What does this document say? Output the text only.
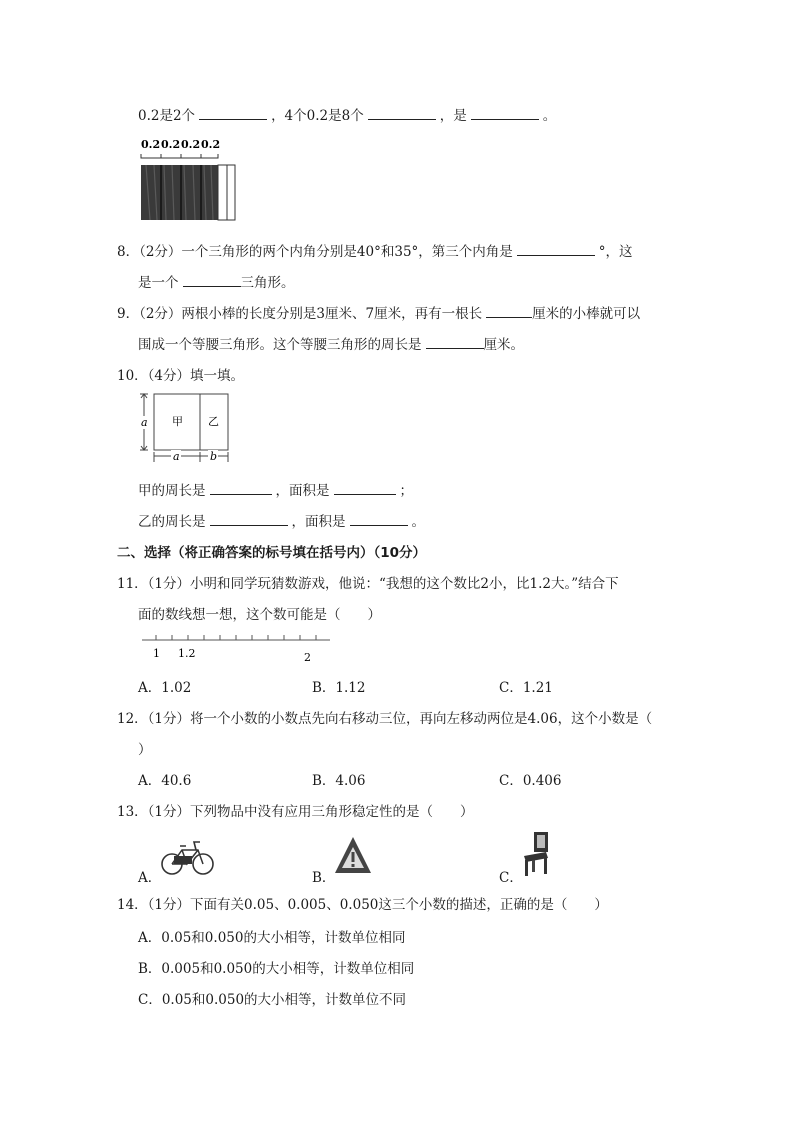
0.2是2个	，4个0.2是8个	，是	。
0.2 0.2 0.2 0.2
8．（2分）一个三角形的两个内角分别是40°和35°，第三个内角是	°，这
是一个	三角形。
9．（2分）两根小棒的长度分别是3厘米、7厘米，再有一根长	厘米的小棒就可以
围成一个等腰三角形。这个等腰三角形的周长是	厘米。
10．（4分）填一填。
甲 乙
a
a	b
甲的周长是	，面积是	；
乙的周长是	，面积是	。
二、选择（将正确答案的标号填在括号内）（10分）
11．（1分）小明和同学玩猜数游戏，他说：“我想的这个数比2小，比1.2大。”结合下
面的数线想一想，这个数可能是（　　）
1 1.2	2
A．1.02	B．1.12	C．1.21
12．（1分）将一个小数的小数点先向右移动三位，再向左移动两位是4.06，这个小数是（
）
A．40.6	B．4.06	C．0.406
13．（1分）下列物品中没有应用三角形稳定性的是（　　）
A．	B．	C．
14．（1分）下面有关0.05、0.005、0.050这三个小数的描述，正确的是（　　）
A．0.05和0.050的大小相等，计数单位相同
B．0.005和0.050的大小相等，计数单位相同
C．0.05和0.050的大小相等，计数单位不同
